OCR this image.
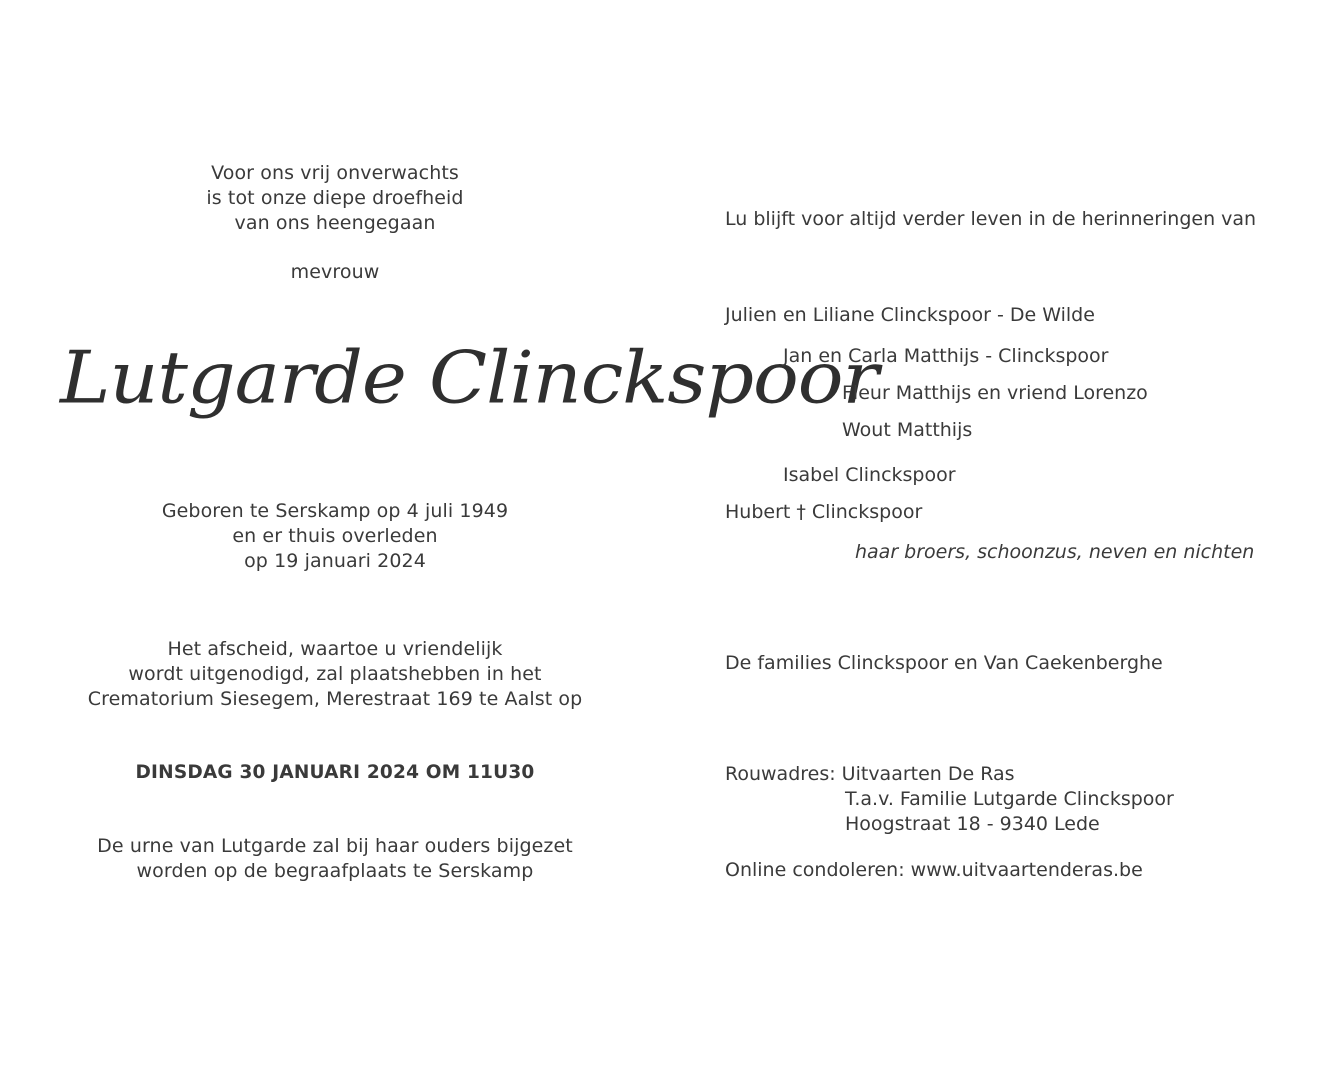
Voor ons vrij onverwachts
is tot onze diepe droefheid
van ons heengegaan
mevrouw
Lutgarde Clinckspoor
Geboren te Serskamp op 4 juli 1949
en er thuis overleden
op 19 januari 2024
Het afscheid, waartoe u vriendelijk
wordt uitgenodigd, zal plaatshebben in het
Crematorium Siesegem, Merestraat 169 te Aalst op
DINSDAG 30 JANUARI 2024 OM 11U30
De urne van Lutgarde zal bij haar ouders bijgezet
worden op de begraafplaats te Serskamp
Lu blijft voor altijd verder leven in de herinneringen van
Julien en Liliane Clinckspoor - De Wilde
Jan en Carla Matthijs - Clinckspoor
Fleur Matthijs en vriend Lorenzo
Wout Matthijs
Isabel Clinckspoor
Hubert † Clinckspoor
haar broers, schoonzus, neven en nichten
De families Clinckspoor en Van Caekenberghe
Rouwadres: Uitvaarten De Ras
T.a.v. Familie Lutgarde Clinckspoor
Hoogstraat 18 - 9340 Lede
Online condoleren: www.uitvaartenderas.be
